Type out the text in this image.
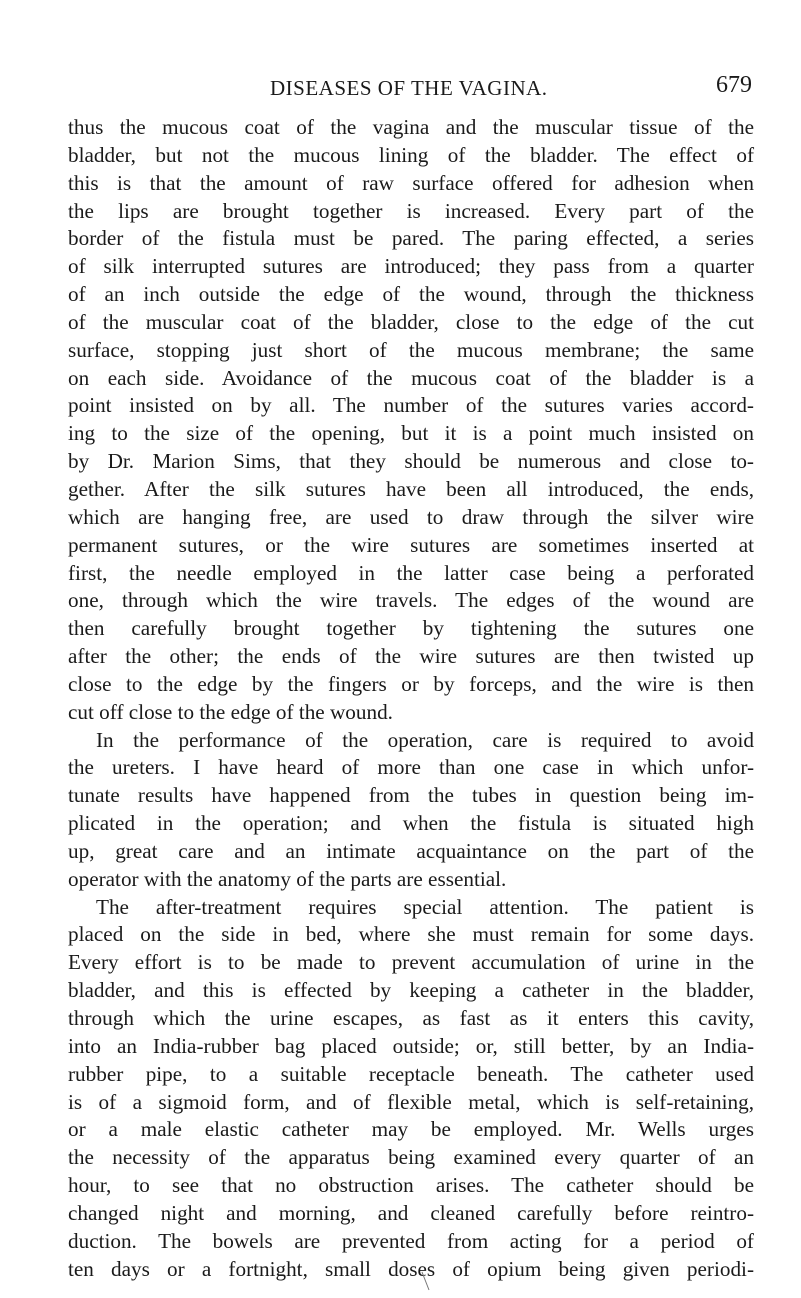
DISEASES OF THE VAGINA.	679
thus the mucous coat of the vagina and the muscular tissue of the
bladder, but not the mucous lining of the bladder. The effect of
this is that the amount of raw surface offered for adhesion when
the lips are brought together is increased. Every part of the
border of the fistula must be pared. The paring effected, a series
of silk interrupted sutures are introduced; they pass from a quarter
of an inch outside the edge of the wound, through the thickness
of the muscular coat of the bladder, close to the edge of the cut
surface, stopping just short of the mucous membrane; the same
on each side. Avoidance of the mucous coat of the bladder is a
point insisted on by all. The number of the sutures varies accord-
ing to the size of the opening, but it is a point much insisted on
by Dr. Marion Sims, that they should be numerous and close to-
gether. After the silk sutures have been all introduced, the ends,
which are hanging free, are used to draw through the silver wire
permanent sutures, or the wire sutures are sometimes inserted at
first, the needle employed in the latter case being a perforated
one, through which the wire travels. The edges of the wound are
then carefully brought together by tightening the sutures one
after the other; the ends of the wire sutures are then twisted up
close to the edge by the fingers or by forceps, and the wire is then
cut off close to the edge of the wound.
In the performance of the operation, care is required to avoid
the ureters. I have heard of more than one case in which unfor-
tunate results have happened from the tubes in question being im-
plicated in the operation; and when the fistula is situated high
up, great care and an intimate acquaintance on the part of the
operator with the anatomy of the parts are essential.
The after-treatment requires special attention. The patient is
placed on the side in bed, where she must remain for some days.
Every effort is to be made to prevent accumulation of urine in the
bladder, and this is effected by keeping a catheter in the bladder,
through which the urine escapes, as fast as it enters this cavity,
into an India-rubber bag placed outside; or, still better, by an India-
rubber pipe, to a suitable receptacle beneath. The catheter used
is of a sigmoid form, and of flexible metal, which is self-retaining,
or a male elastic catheter may be employed. Mr. Wells urges
the necessity of the apparatus being examined every quarter of an
hour, to see that no obstruction arises. The catheter should be
changed night and morning, and cleaned carefully before reintro-
duction. The bowels are prevented from acting for a period of
ten days or a fortnight, small doses of opium being given periodi-
